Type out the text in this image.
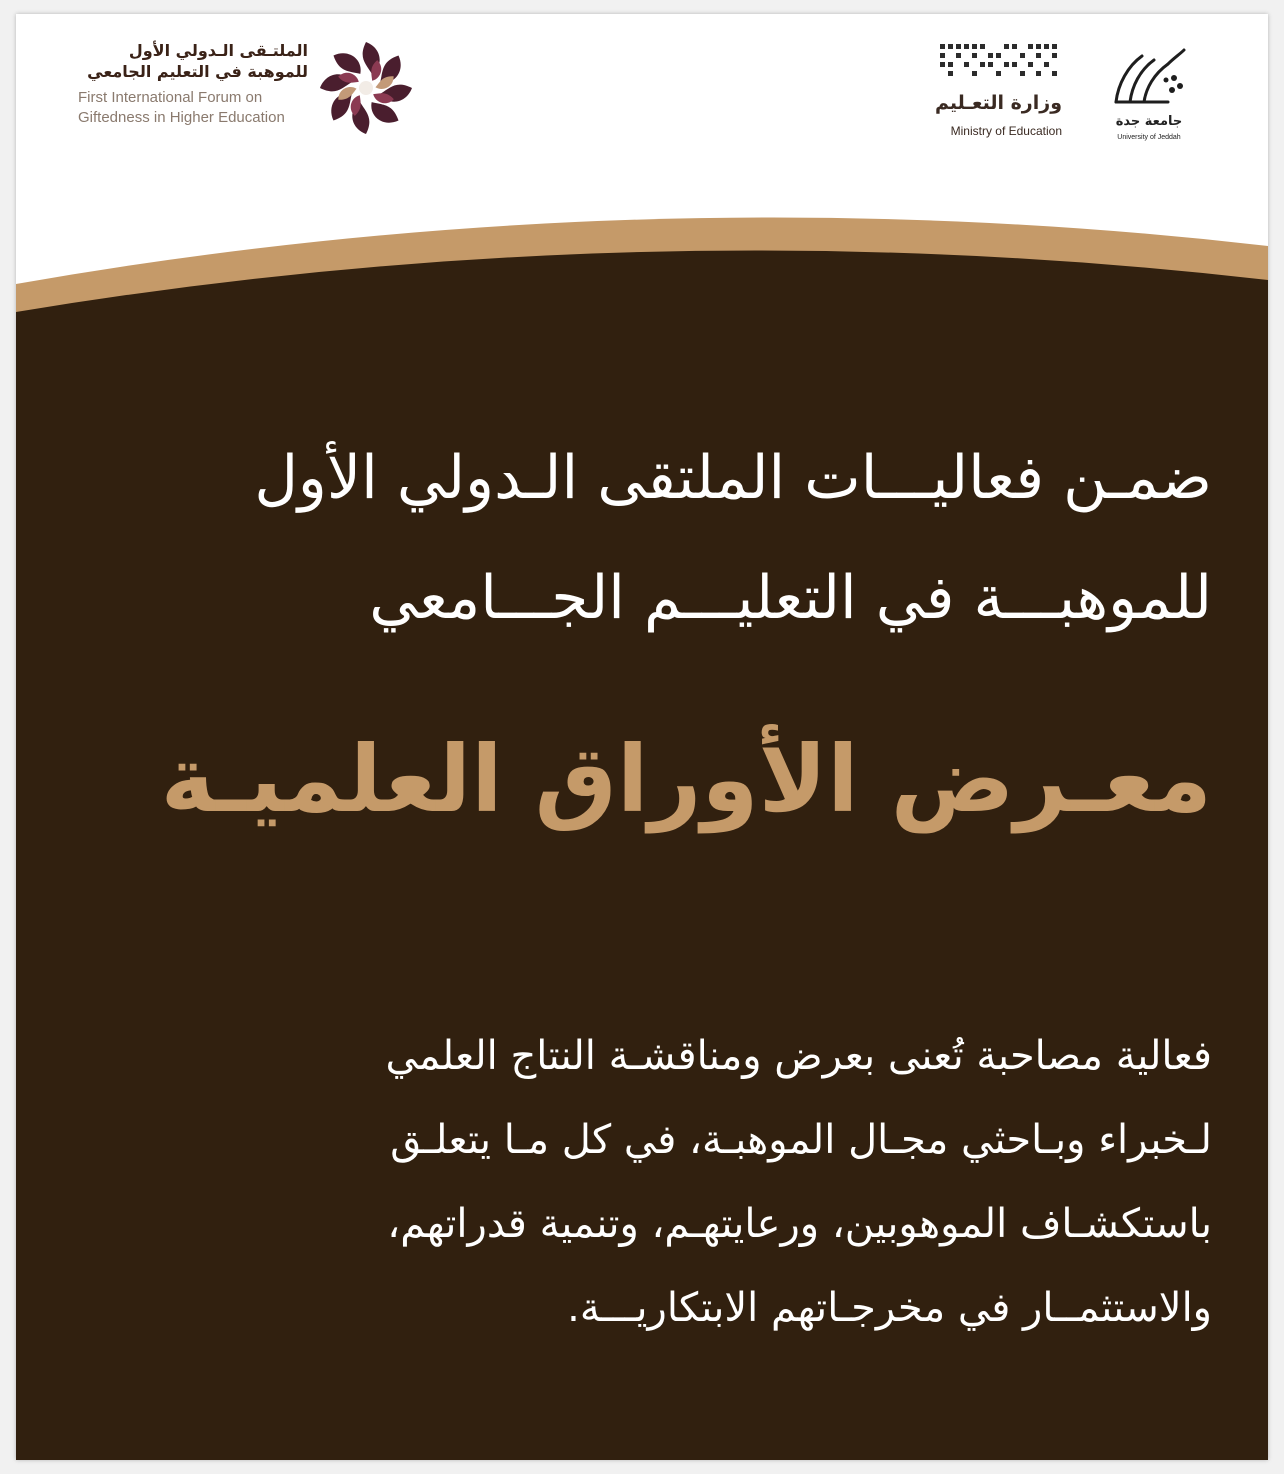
الملتـقى الـدولي الأول
للموهبة في التعليم الجامعي
First International Forum on
Giftedness in Higher Education
وزارة التعـليم
Ministry of Education
جامعة جدة
University of Jeddah
ضمـن فعاليـــات الملتقى الـدولي الأول
للموهبـــة في التعليـــم الجـــامعي
معـرض الأوراق العلميـة
فعالية مصاحبة تُعنى بعرض ومناقشـة النتاج العلمي
لـخبراء وبـاحثي مجـال الموهبـة، في كل مـا يتعلـق
باستكشـاف الموهوبين، ورعايتهـم، وتنمية قدراتهم،
والاستثمــار في مخرجـاتهم الابتكاريـــة.
